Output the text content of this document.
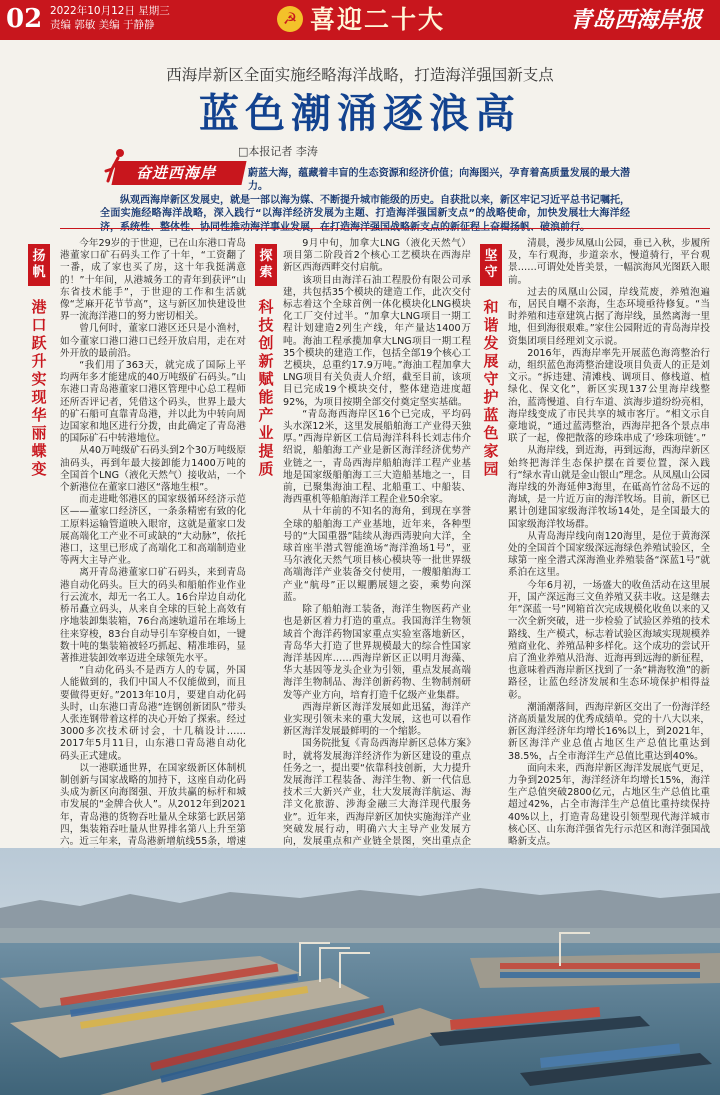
02 2022年10月12日 星期三
责编 郭敏 美编 于静静	☭ 喜迎二十大	青岛西海岸报
西海岸新区全面实施经略海洋战略，打造海洋强国新支点
蓝色潮涌逐浪高
□本报记者 李涛

蔚蓝大海，蕴藏着丰盲的生态资源和经济价值；向海图兴，孕育着高质量发展的最大潜力。

纵观西海岸新区发展史，就是一部以海为媒、不断提升城市能级的历史。自获批以来，新区牢记习近平总书记嘱托，全面实施经略海洋战略，深入践行“以海洋经济发展为主题、打造海洋强国新支点”的战略使命，加快发展壮大海洋经济，系统性、整体性、协同性推动海洋事业发展，在打造海洋强国战略新支点的新征程上奋楫扬帆、破浪前行。

奋进西海岸
扬帆
港口跃升实现华丽蝶变
探索
科技创新赋能产业提质
坚守
和谐发展守护蓝色家园

今年29岁的于世迎，已在山东港口青岛港董家口矿石码头工作了十年，“工资翻了一番，成了家也买了房，这十年我挺满意的！”十年间，从港城务工的青年到获评“山东省技术能手”，于世迎的工作和生活就像“芝麻开花节节高”，这与新区加快建设世界一流海洋港口的努力密切相关。

曾几何时，董家口港区还只是小渔村，如今董家口港口港口已经开放启用，走在对外开放的最前沿。

“我们用了363天，就完成了国际上平均两年多才能建成的40万吨级矿石码头。”山东港口青岛港董家口港区管理中心总工程师还所否评记者，凭借这个码头，世界上最大的矿石船可直靠青岛港，并以此为中转向周边国家和地区进行分拨，由此确定了青岛港的国际矿石中转港地位。

从40万吨级矿石码头到2个30万吨级原油码头，再到年最大接卸能力1400万吨的全国首个LNG（液化天然气）接收站，一个个新港位在董家口港区“落地生根”。

而走进毗邻港区的国家级循环经济示范区——董家口经济区，一条条精密有致的化工原料运输管道映入眼帘，这就是董家口发展高端化工产业不可或缺的“大动脉”，依托港口，这里已形成了高端化工和高端制造业等两大主导产业。

离开青岛港董家口矿石码头，来到青岛港自动化码头。巨大的码头和船舶作业作业行云流水，却无一名工人。16台岸边自动化桥吊矗立码头，从来自全球的巨轮上高效有序地装卸集装箱，76台高速轨道吊在堆场上往来穿梭，83台自动导引车穿梭自如，一键数十吨的集装箱被轻巧抓起、精准堆码，显著推进装卸效率迈进全球领先水平。

“自动化码头不是西方人的专属，外国人能做到的，我们中国人不仅能做到，而且要做得更好。”2013年10月，要建自动化码头时，山东港口青岛港“连钢创新团队”带头人张连钢带着这样的决心开始了探索。经过3000多次技术研讨会，十几稿设计……2017年5月11日，山东港口青岛港自动化码头正式建成。

以一港联通世界，在国家级新区体制机制创新与国家战略的加持下，这座自动化码头成为新区向海图强、开放共赢的标杆和城市发展的“金牌合伙人”。从2012年到2021年，青岛港的货物吞吐量从全球第七跃居第四，集装箱吞吐量从世界排名第八上升至第六。近三年来，青岛港新增航线55条，增速

9月中旬，加拿大LNG（液化天然气）项目第二阶段首2个核心工艺模块在西海岸新区西海西畔交付启航。

该项目由海洋石油工程股份有限公司承建，共包括35个模块的建造工作，此次交付标志着这个全球首例一体化模块化LNG模块化工厂交付过半。“加拿大LNG项目一期工程计划建造2列生产线，年产量达1400万吨。海油工程承揽加拿大LNG项目一期工程35个模块的建造工作，包括全部19个核心工艺模块，总重约17.9万吨。”海油工程加拿大LNG项目有关负责人介绍，截至目前，该项目已完成19个模块交付，整体建造进度超92%，为项目按期全部交付奠定坚实基础。

“青岛海西海岸区16个已完成，平均码头水深12米，这里发展船舶海工产业得天独厚。”西海岸新区工信局海洋科科长刘志伟介绍说，船舶海工产业是新区海洋经济优势产业链之一，青岛西海岸船舶海洋工程产业基地是国家级船舶海工三大造船基地之一，目前，已聚集海油工程、北船重工、中船装、海西重机等船舶海洋工程企业50余家。

从十年前的不知名的海角，到现在享誉全球的船舶海工产业基地，近年来，各种型号的“大国重器”陆续从海西湾驶向大洋，全球首座半潜式智能渔场“海洋渔场1号”，亚马尔液化天然气项目核心模块等一批世界级高端海洋产业装备交付使用，一艘船舶海工产业“航母”正以鲲鹏展翅之姿，乘势向深蓝。

除了船舶海工装备，海洋生物医药产业也是新区着力打造的重点。我国海洋生物领域首个海洋药物国家重点实验室落地新区，青岛华大打造了世界规模最大的综合性国家海洋基因库……西海岸新区正以明月海藻、华大基因等龙头企业为引领，重点发展高端海洋生物制品、海洋创新药物、生物制剂研发等产业方向，培育打造千亿级产业集群。

西海岸新区海洋发展如此迅猛，海洋产业实现引领未来的重大发展，这也可以看作新区海洋发展最鲜明的一个缩影。

国务院批复《青岛西海岸新区总体方案》时，就将发展海洋经济作为新区建设的重点任务之一，提出要“依靠科技创新，大力提升发展海洋工程装备、海洋生物、新一代信息技术三大新兴产业，壮大发展海洋航运、海洋文化旅游、涉海金融三大海洋现代服务业”。近年来，西海岸新区加快实施海洋产业突破发展行动，明确六大主导产业发展方向，发展重点和产业链全景图，突出重点企

清晨，漫步凤凰山公园，垂已入秋，步履所及，车行观海，步道亲水，慢道骑行，平台观景……可谓处处皆美景，一幅滨海风光图跃入眼前。

过去的凤凰山公园，岸线荒废，养殖泡遍布，居民自嘲不亲海，生态环境亟待修复。“当时养殖和违章建筑占据了海岸线，虽然离海一里地，但到海很艰难。”家住公园附近的青岛海岸投资集团项目经理刘文示说。

2016年，西海岸率先开展蓝色海湾整治行动，组织蓝色海湾整治建设项目负责人的正是刘文示。“拆违建、清滩栈、调项目、修栈道、植绿化、保文化”，新区实现137公里海岸线整治，蓝湾慢道、自行车道、滨海步道纷纷亮相，海岸线变成了市民共享的城市客厅。“相文示自豪地说，“通过蓝湾整治，西海岸把各个景点串联了一起，像把散落的珍珠串成了‘珍珠项链’。”

从海岸线，到近海，再到远海，西海岸新区始终把海洋生态保护摆在首要位置，深入践行“绿水青山就是金山银山”理念。从凤凰山公园海岸线的外海延伸3海里，在砥高竹岔岛不远的海域，是一片近万亩的海洋牧场。目前，新区已累计创建国家级海洋牧场14处，是全国最大的国家级海洋牧场群。

从青岛海岸线向南120海里，是位于黄海深处的全国首个国家级深远海绿色养殖试验区，全球第一座全潜式深海渔业养殖装备“深蓝1号”就系泊在这里。

今年6月初，一场盛大的收鱼活动在这里展开，国产深远海三文鱼养殖又获丰收。这是继去年“深蓝一号”网箱首次完成规模化收鱼以来的又一次全新突破，进一步检验了试验区养殖的技术路线、生产模式，标志着试验区海域实现规模养殖商业化、养殖品种多样化。这个成功的尝试开启了渔业养殖从沿海、近海再到远海的新征程，也意味着西海岸新区找到了一条“耕海牧渔”的新路径，让蓝色经济发展和生态环境保护相得益彰。

潮涌潮落间，西海岸新区交出了一份海洋经济高质量发展的优秀成绩单。党的十八大以来，新区海洋经济年均增长16%以上，到2021年，新区海洋产业总值占地区生产总值比重达到38.5%，占全市海洋生产总值比重达到40%。

面向未来，西海岸新区海洋发展底气更足，力争到2025年，海洋经济年均增长15%，海洋生产总值突破2800亿元，占地区生产总值比重超过42%，占全市海洋生产总值比重持续保持40%以上，打造青岛建设引领型现代海洋城市核心区、山东海洋强省先行示范区和海洋强国战略新支点。
